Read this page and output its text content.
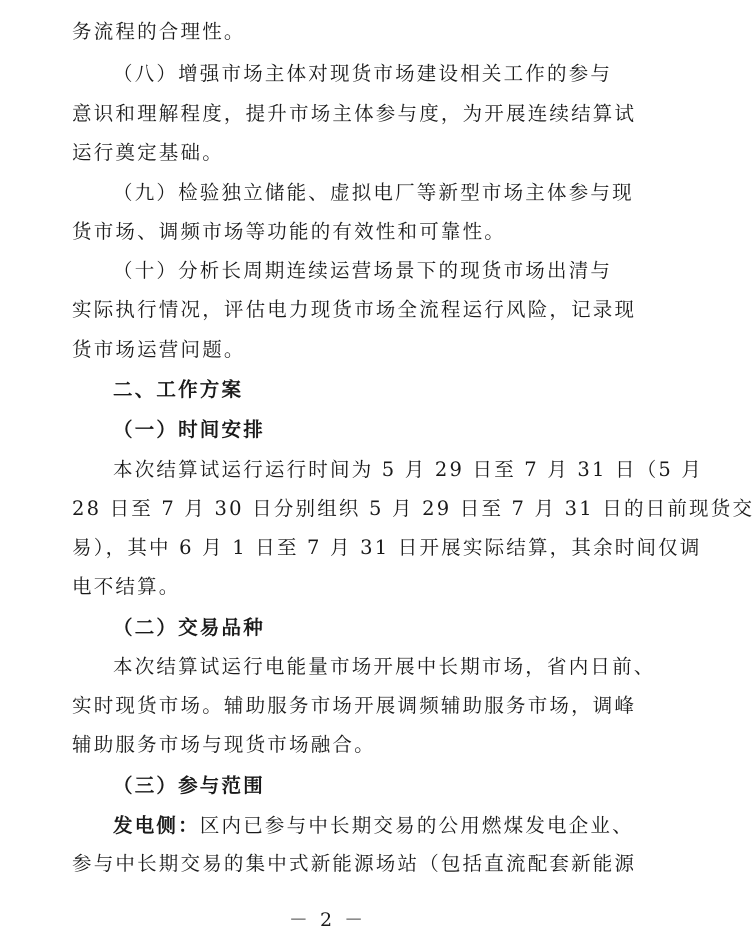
务流程的合理性。
（八）增强市场主体对现货市场建设相关工作的参与
意识和理解程度，提升市场主体参与度，为开展连续结算试
运行奠定基础。
（九）检验独立储能、虚拟电厂等新型市场主体参与现
货市场、调频市场等功能的有效性和可靠性。
（十）分析长周期连续运营场景下的现货市场出清与
实际执行情况，评估电力现货市场全流程运行风险，记录现
货市场运营问题。
二、工作方案
（一）时间安排
本次结算试运行运行时间为 5 月 29 日至 7 月 31 日（5 月
28 日至 7 月 30 日分别组织 5 月 29 日至 7 月 31 日的日前现货交
易），其中 6 月 1 日至 7 月 31 日开展实际结算，其余时间仅调
电不结算。
（二）交易品种
本次结算试运行电能量市场开展中长期市场，省内日前、
实时现货市场。辅助服务市场开展调频辅助服务市场，调峰
辅助服务市场与现货市场融合。
（三）参与范围
发电侧：区内已参与中长期交易的公用燃煤发电企业、
参与中长期交易的集中式新能源场站（包括直流配套新能源
－ 2 －
